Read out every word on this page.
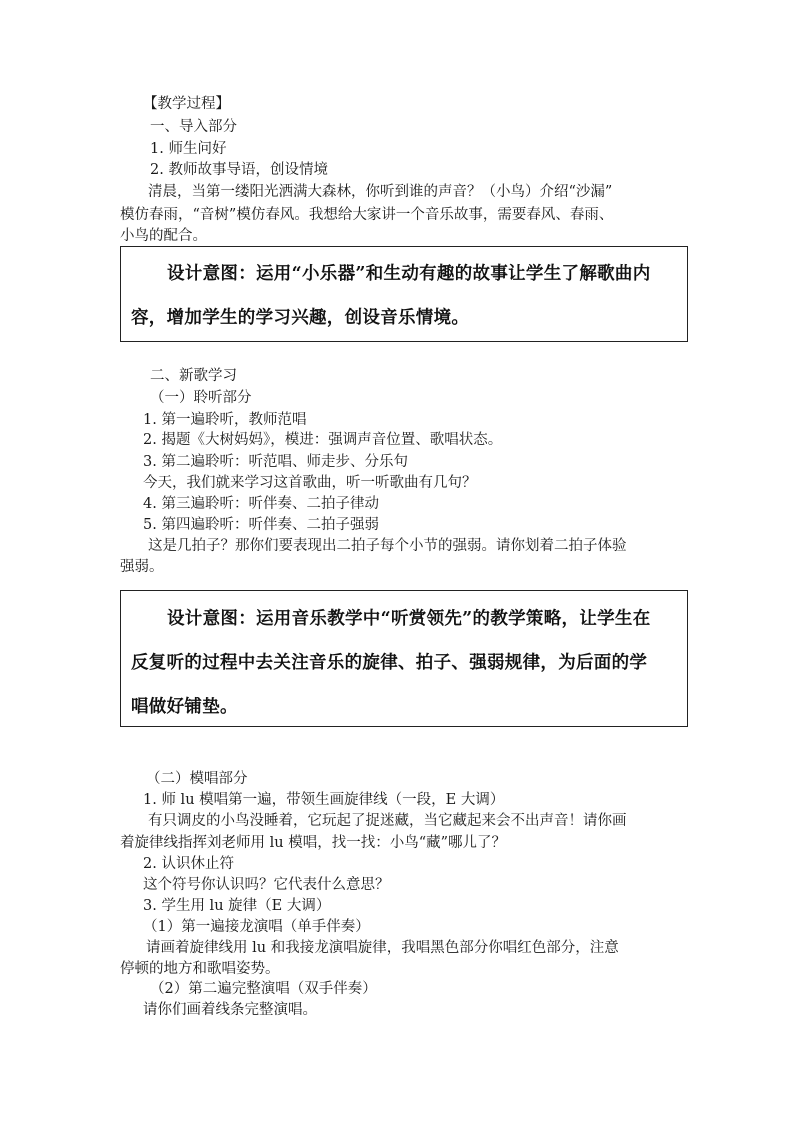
【教学过程】
一、导入部分
1. 师生问好
2. 教师故事导语，创设情境
清晨，当第一缕阳光洒满大森林，你听到谁的声音？（小鸟）介绍“沙漏”
模仿春雨，“音树”模仿春风。我想给大家讲一个音乐故事，需要春风、春雨、
小鸟的配合。

设计意图：运用“小乐器”和生动有趣的故事让学生了解歌曲内

容，增加学生的学习兴趣，创设音乐情境。

二、新歌学习
（一）聆听部分
1. 第一遍聆听，教师范唱
2. 揭题《大树妈妈》，模进：强调声音位置、歌唱状态。
3. 第二遍聆听：听范唱、师走步、分乐句
今天，我们就来学习这首歌曲，听一听歌曲有几句？
4. 第三遍聆听：听伴奏、二拍子律动
5. 第四遍聆听：听伴奏、二拍子强弱
这是几拍子？那你们要表现出二拍子每个小节的强弱。请你划着二拍子体验
强弱。

设计意图：运用音乐教学中“听赏领先”的教学策略，让学生在

反复听的过程中去关注音乐的旋律、拍子、强弱规律，为后面的学

唱做好铺垫。

（二）模唱部分
1. 师 lu 模唱第一遍，带领生画旋律线（一段，E 大调）
有只调皮的小鸟没睡着，它玩起了捉迷藏，当它藏起来会不出声音！请你画
着旋律线指挥刘老师用 lu 模唱，找一找：小鸟“藏”哪儿了？
2. 认识休止符
这个符号你认识吗？它代表什么意思？
3. 学生用 lu 旋律（E 大调）
（1）第一遍接龙演唱（单手伴奏）
请画着旋律线用 lu 和我接龙演唱旋律，我唱黑色部分你唱红色部分，注意
停顿的地方和歌唱姿势。
（2）第二遍完整演唱（双手伴奏）
请你们画着线条完整演唱。
